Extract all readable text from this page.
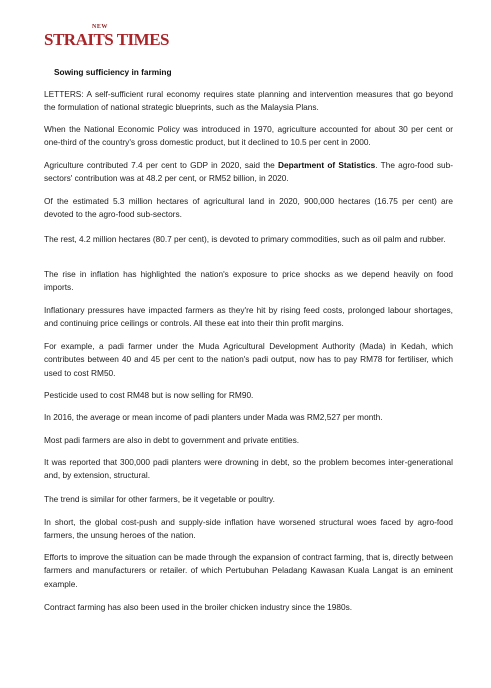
NEW
STRAITS TIMES
Sowing sufficiency in farming

LETTERS: A self-sufficient rural economy requires state planning and intervention measures that go beyond the formulation of national strategic blueprints, such as the Malaysia Plans.

When the National Economic Policy was introduced in 1970, agriculture accounted for about 30 per cent or one-third of the country's gross domestic product, but it declined to 10.5 per cent in 2000.

Agriculture contributed 7.4 per cent to GDP in 2020, said the Department of Statistics. The agro-food sub-sectors' contribution was at 48.2 per cent, or RM52 billion, in 2020.

Of the estimated 5.3 million hectares of agricultural land in 2020, 900,000 hectares (16.75 per cent) are devoted to the agro-food sub-sectors.

The rest, 4.2 million hectares (80.7 per cent), is devoted to primary commodities, such as oil palm and rubber.

The rise in inflation has highlighted the nation's exposure to price shocks as we depend heavily on food imports.

Inflationary pressures have impacted farmers as they're hit by rising feed costs, prolonged labour shortages, and continuing price ceilings or controls. All these eat into their thin profit margins.

For example, a padi farmer under the Muda Agricultural Development Authority (Mada) in Kedah, which contributes between 40 and 45 per cent to the nation's padi output, now has to pay RM78 for fertiliser, which used to cost RM50.

Pesticide used to cost RM48 but is now selling for RM90.

In 2016, the average or mean income of padi planters under Mada was RM2,527 per month.

Most padi farmers are also in debt to government and private entities.

It was reported that 300,000 padi planters were drowning in debt, so the problem becomes inter-generational and, by extension, structural.

The trend is similar for other farmers, be it vegetable or poultry.

In short, the global cost-push and supply-side inflation have worsened structural woes faced by agro-food farmers, the unsung heroes of the nation.

Efforts to improve the situation can be made through the expansion of contract farming, that is, directly between farmers and manufacturers or retailer. of which Pertubuhan Peladang Kawasan Kuala Langat is an eminent example.

Contract farming has also been used in the broiler chicken industry since the 1980s.
